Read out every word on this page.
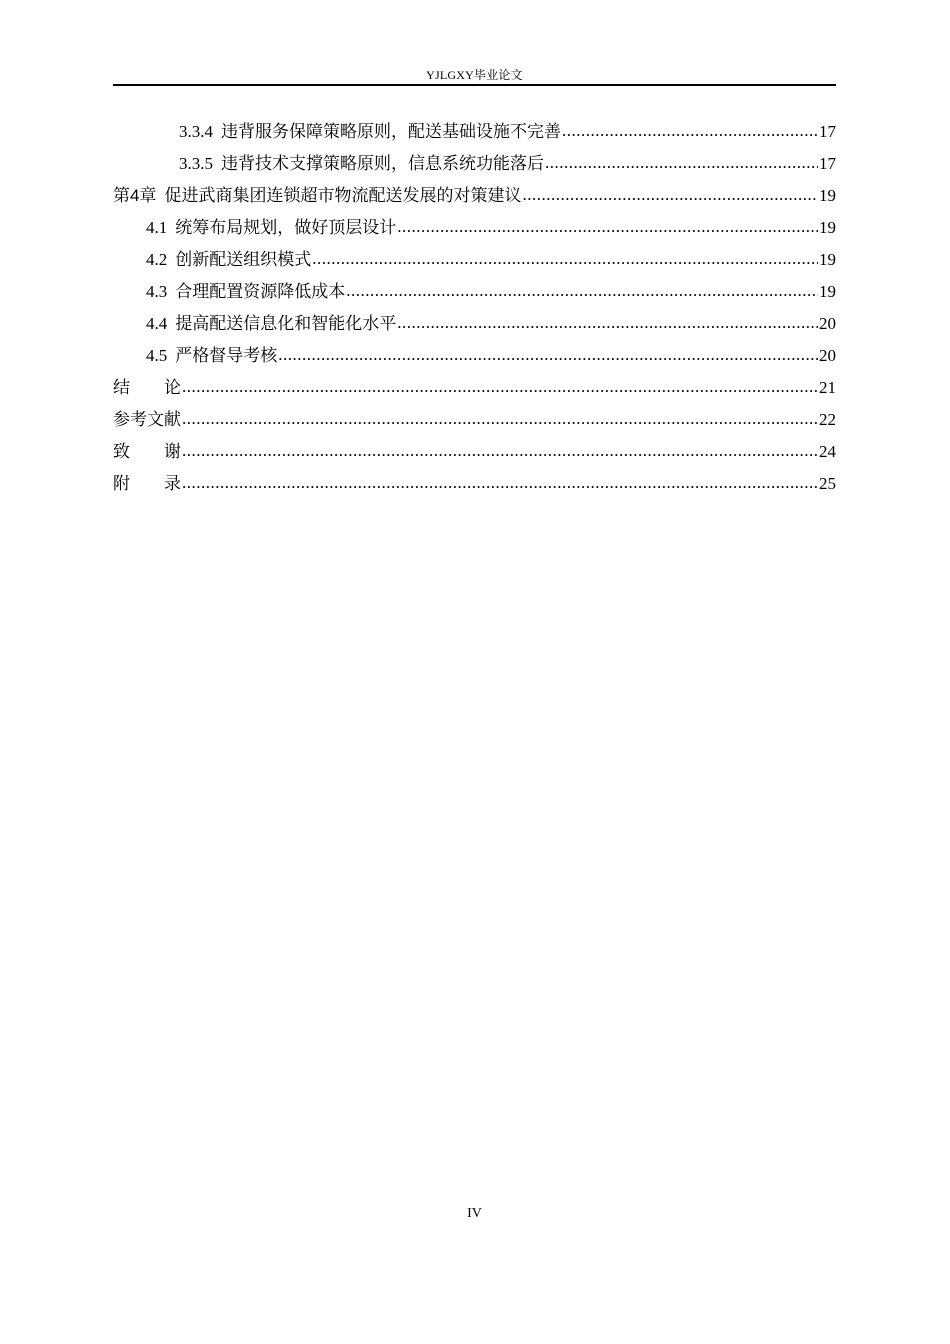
YJLGXY毕业论文
3.3.4 违背服务保障策略原则，配送基础设施不完善 .....	17
3.3.5 违背技术支撑策略原则，信息系统功能落后 .....	17
第4章 促进武商集团连锁超市物流配送发展的对策建议 .....	19
4.1 统筹布局规划，做好顶层设计 .....	19
4.2 创新配送组织模式 .....	19
4.3 合理配置资源降低成本 .....	19
4.4 提高配送信息化和智能化水平 .....	20
4.5 严格督导考核 .....	20
结 论 .....	21
参考文献 .....	22
致 谢 .....	24
附 录 .....	25
IV
